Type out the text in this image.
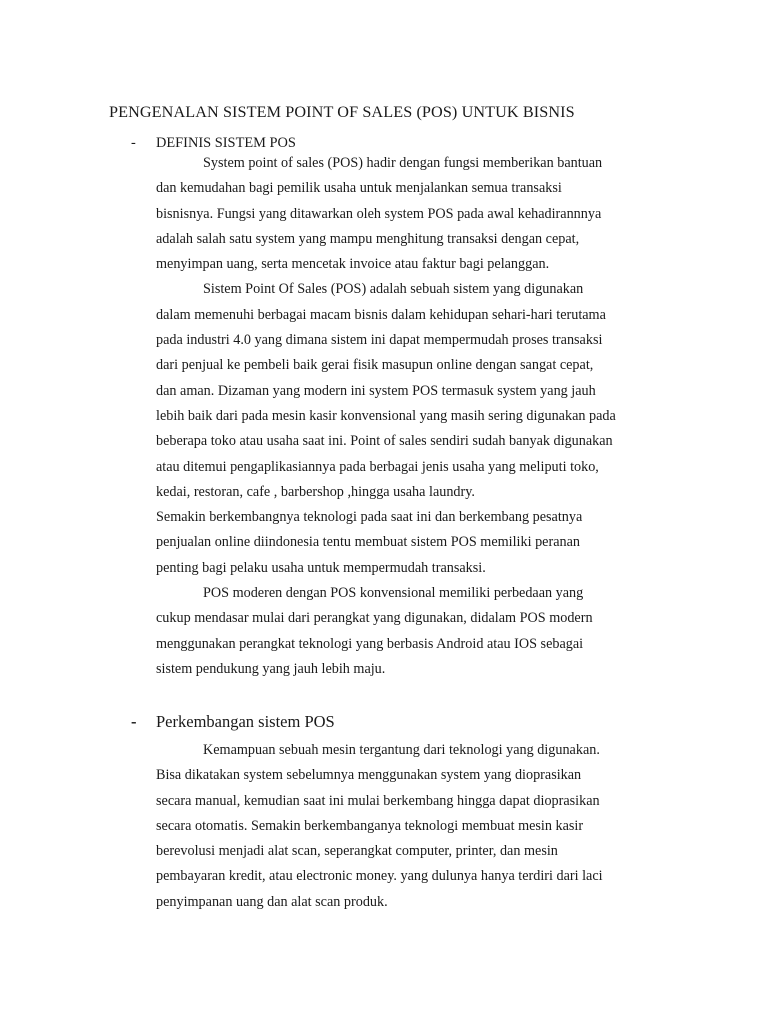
PENGENALAN SISTEM POINT OF SALES (POS) UNTUK BISNIS
- DEFINIS SISTEM POS
System point of sales (POS) hadir dengan fungsi memberikan bantuan
dan kemudahan bagi pemilik usaha untuk menjalankan semua transaksi
bisnisnya. Fungsi yang ditawarkan oleh system POS pada awal kehadirannnya
adalah salah satu system yang mampu menghitung transaksi dengan cepat,
menyimpan uang, serta mencetak invoice atau faktur bagi pelanggan.
Sistem Point Of Sales (POS) adalah sebuah sistem yang digunakan
dalam memenuhi berbagai macam bisnis dalam kehidupan sehari-hari terutama
pada industri 4.0 yang dimana sistem ini dapat mempermudah proses transaksi
dari penjual ke pembeli baik gerai fisik masupun online dengan sangat cepat,
dan aman. Dizaman yang modern ini system POS termasuk system yang jauh
lebih baik dari pada mesin kasir konvensional yang masih sering digunakan pada
beberapa toko atau usaha saat ini. Point of sales sendiri sudah banyak digunakan
atau ditemui pengaplikasiannya pada berbagai jenis usaha yang meliputi toko,
kedai, restoran, cafe , barbershop ,hingga usaha laundry.
Semakin berkembangnya teknologi pada saat ini dan berkembang pesatnya
penjualan online diindonesia tentu membuat sistem POS memiliki peranan
penting bagi pelaku usaha untuk mempermudah transaksi.
POS moderen dengan POS konvensional memiliki perbedaan yang
cukup mendasar mulai dari perangkat yang digunakan, didalam POS modern
menggunakan perangkat teknologi yang berbasis Android atau IOS sebagai
sistem pendukung yang jauh lebih maju.
- Perkembangan sistem POS
Kemampuan sebuah mesin tergantung dari teknologi yang digunakan.
Bisa dikatakan system sebelumnya menggunakan system yang dioprasikan
secara manual, kemudian saat ini mulai berkembang hingga dapat dioprasikan
secara otomatis. Semakin berkembanganya teknologi membuat mesin kasir
berevolusi menjadi alat scan, seperangkat computer, printer, dan mesin
pembayaran kredit, atau electronic money. yang dulunya hanya terdiri dari laci
penyimpanan uang dan alat scan produk.
